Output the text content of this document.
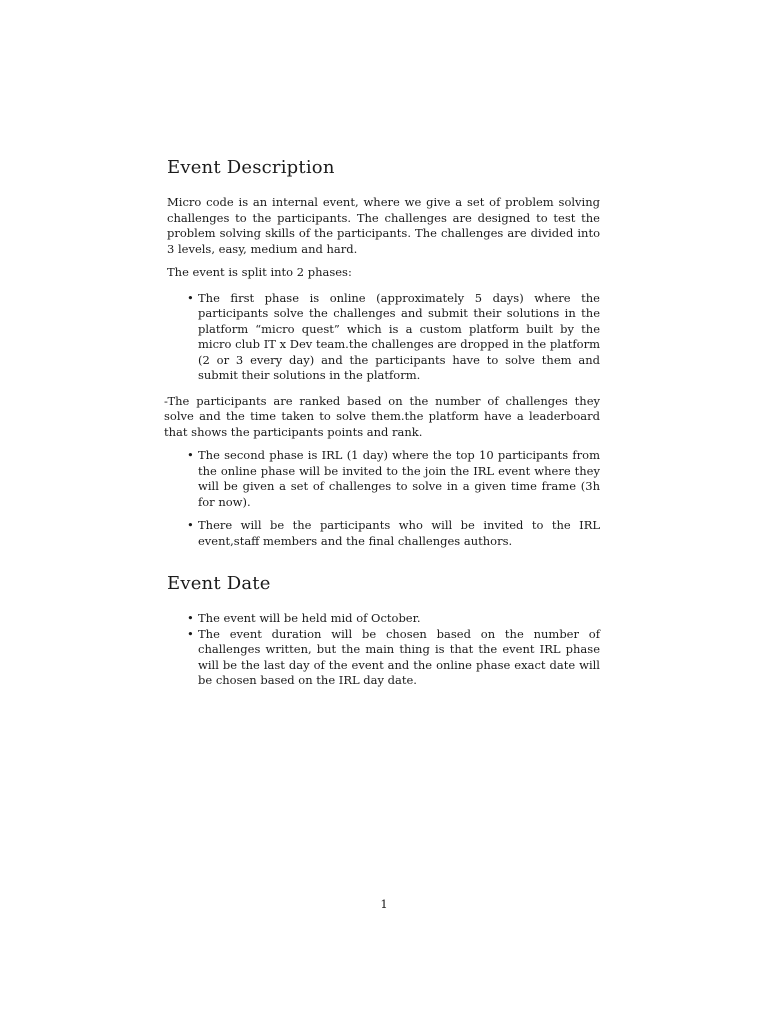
Event Description

Micro code is an internal event, where we give a set of problem solving challenges to the participants. The challenges are designed to test the problem solving skills of the participants. The challenges are divided into 3 levels, easy, medium and hard.

The event is split into 2 phases:

• The first phase is online (approximately 5 days) where the participants solve the challenges and submit their solutions in the platform “micro quest” which is a custom platform built by the micro club IT x Dev team.the challenges are dropped in the platform (2 or 3 every day) and the participants have to solve them and submit their solutions in the platform.

-The participants are ranked based on the number of challenges they solve and the time taken to solve them.the platform have a leaderboard that shows the participants points and rank.

• The second phase is IRL (1 day) where the top 10 participants from the online phase will be invited to the join the IRL event where they will be given a set of challenges to solve in a given time frame (3h for now).
• There will be the participants who will be invited to the IRL event,staff members and the final challenges authors.
Event Date
• The event will be held mid of October.
• The event duration will be chosen based on the number of challenges written, but the main thing is that the event IRL phase will be the last day of the event and the online phase exact date will be chosen based on the IRL day date.
1
